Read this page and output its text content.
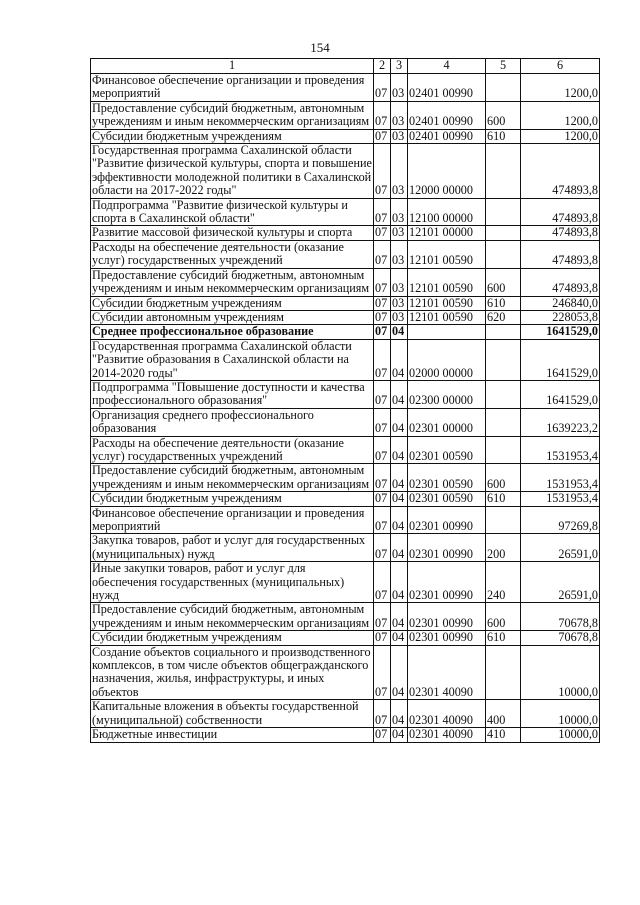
154
1	2	3	4	5	6
Финансовое обеспечение организации и проведения мероприятий	07	03	02401 00990		1200,0
Предоставление субсидий бюджетным, автономным учреждениям и иным некоммерческим организациям	07	03	02401 00990	600	1200,0
Субсидии бюджетным учреждениям	07	03	02401 00990	610	1200,0
Государственная программа Сахалинской области "Развитие физической культуры, спорта и повышение эффективности молодежной политики в Сахалинской области на 2017-2022 годы"	07	03	12000 00000		474893,8
Подпрограмма "Развитие физической культуры и спорта в Сахалинской области"	07	03	12100 00000		474893,8
Развитие массовой физической культуры и спорта	07	03	12101 00000		474893,8
Расходы на обеспечение деятельности (оказание услуг) государственных учреждений	07	03	12101 00590		474893,8
Предоставление субсидий бюджетным, автономным учреждениям и иным некоммерческим организациям	07	03	12101 00590	600	474893,8
Субсидии бюджетным учреждениям	07	03	12101 00590	610	246840,0
Субсидии автономным учреждениям	07	03	12101 00590	620	228053,8
Среднее профессиональное образование	07	04			1641529,0
Государственная программа Сахалинской области "Развитие образования в Сахалинской области на 2014-2020 годы"	07	04	02000 00000		1641529,0
Подпрограмма "Повышение доступности и качества профессионального образования"	07	04	02300 00000		1641529,0
Организация среднего профессионального образования	07	04	02301 00000		1639223,2
Расходы на обеспечение деятельности (оказание услуг) государственных учреждений	07	04	02301 00590		1531953,4
Предоставление субсидий бюджетным, автономным учреждениям и иным некоммерческим организациям	07	04	02301 00590	600	1531953,4
Субсидии бюджетным учреждениям	07	04	02301 00590	610	1531953,4
Финансовое обеспечение организации и проведения мероприятий	07	04	02301 00990		97269,8
Закупка товаров, работ и услуг для государственных (муниципальных) нужд	07	04	02301 00990	200	26591,0
Иные закупки товаров, работ и услуг для обеспечения государственных (муниципальных) нужд	07	04	02301 00990	240	26591,0
Предоставление субсидий бюджетным, автономным учреждениям и иным некоммерческим организациям	07	04	02301 00990	600	70678,8
Субсидии бюджетным учреждениям	07	04	02301 00990	610	70678,8
Создание объектов социального и производственного комплексов, в том числе объектов общегражданского назначения, жилья, инфраструктуры, и иных объектов	07	04	02301 40090		10000,0
Капитальные вложения в объекты государственной (муниципальной) собственности	07	04	02301 40090	400	10000,0
Бюджетные инвестиции	07	04	02301 40090	410	10000,0
